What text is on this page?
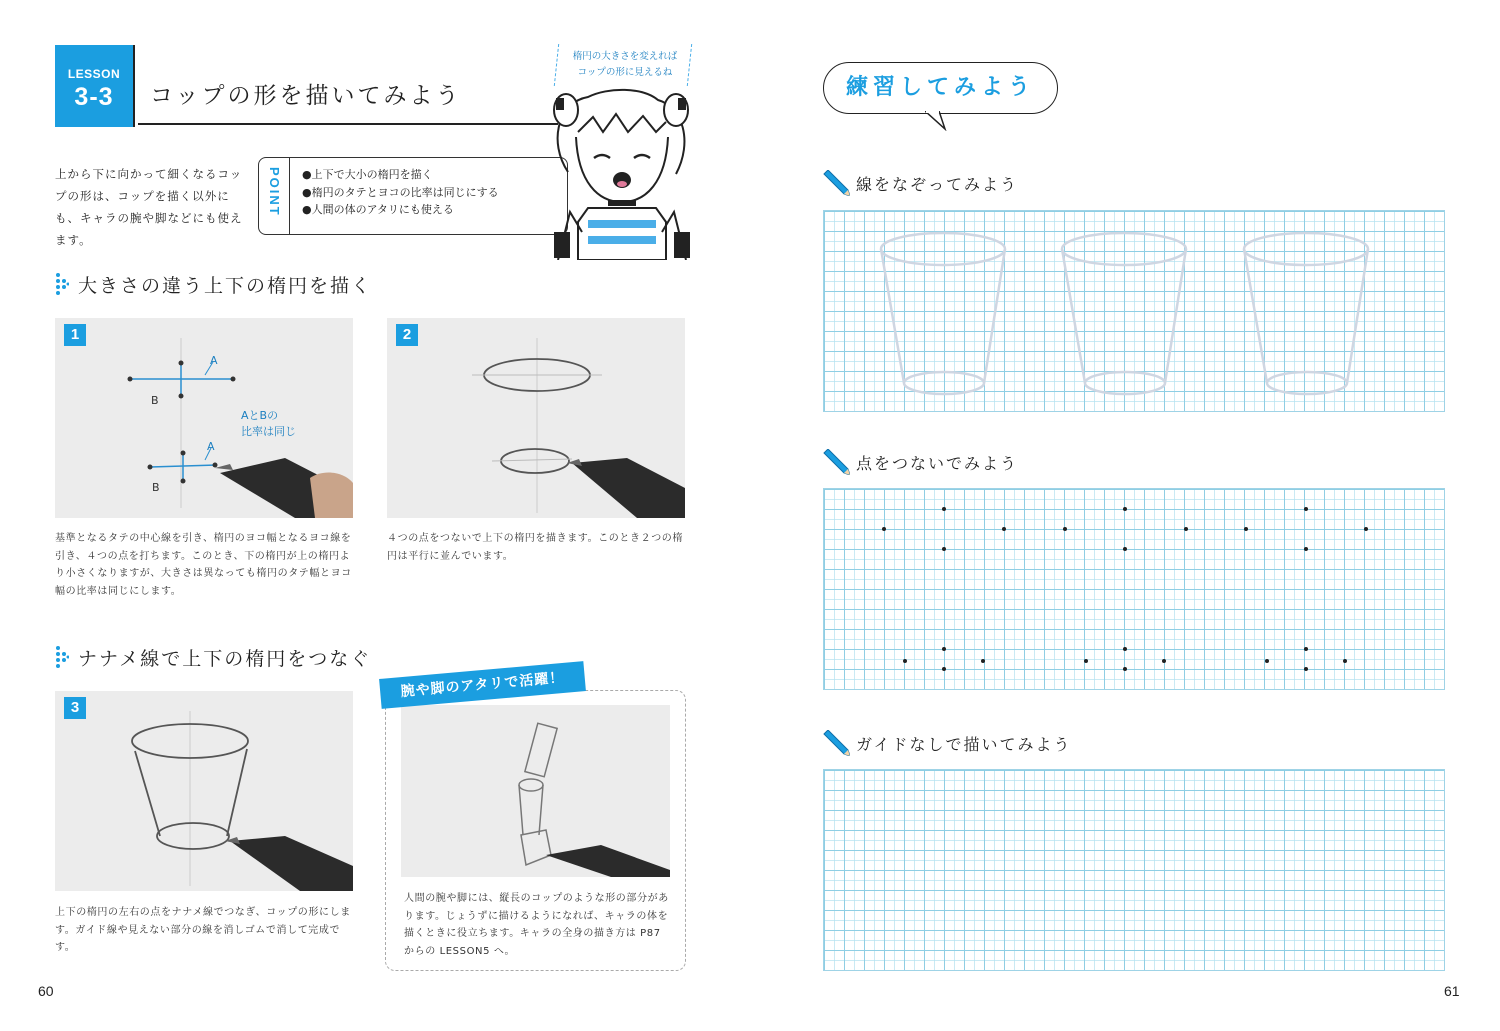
LESSON
3-3	コップの形を描いてみよう
上から下に向かって細くなるコップの形は、コップを描く以外にも、キャラの腕や脚などにも使えます。
POINT ●上下で大小の楕円を描く
●楕円のタテとヨコの比率は同じにする
●人間の体のアタリにも使える
楕円の大きさを変えれば
コップの形に見えるね
大きさの違う上下の楕円を描く
A
B
A
B
AとBの
比率は同じ
1
基準となるタテの中心線を引き、楕円のヨコ幅となるヨコ線を引き、４つの点を打ちます。このとき、下の楕円が上の楕円より小さくなりますが、大きさは異なっても楕円のタテ幅とヨコ幅の比率は同じにします。
2
４つの点をつないで上下の楕円を描きます。このとき２つの楕円は平行に並んでいます。
ナナメ線で上下の楕円をつなぐ
3
上下の楕円の左右の点をナナメ線でつなぎ、コップの形にします。ガイド線や見えない部分の線を消しゴムで消して完成です。
腕や脚のアタリで活躍！
人間の腕や脚には、縦長のコップのような形の部分があります。じょうずに描けるようになれば、キャラの体を描くときに役立ちます。キャラの全身の描き方は P87 からの LESSON5 へ。
60
練習してみよう
線をなぞってみよう
点をつないでみよう
ガイドなしで描いてみよう
61
